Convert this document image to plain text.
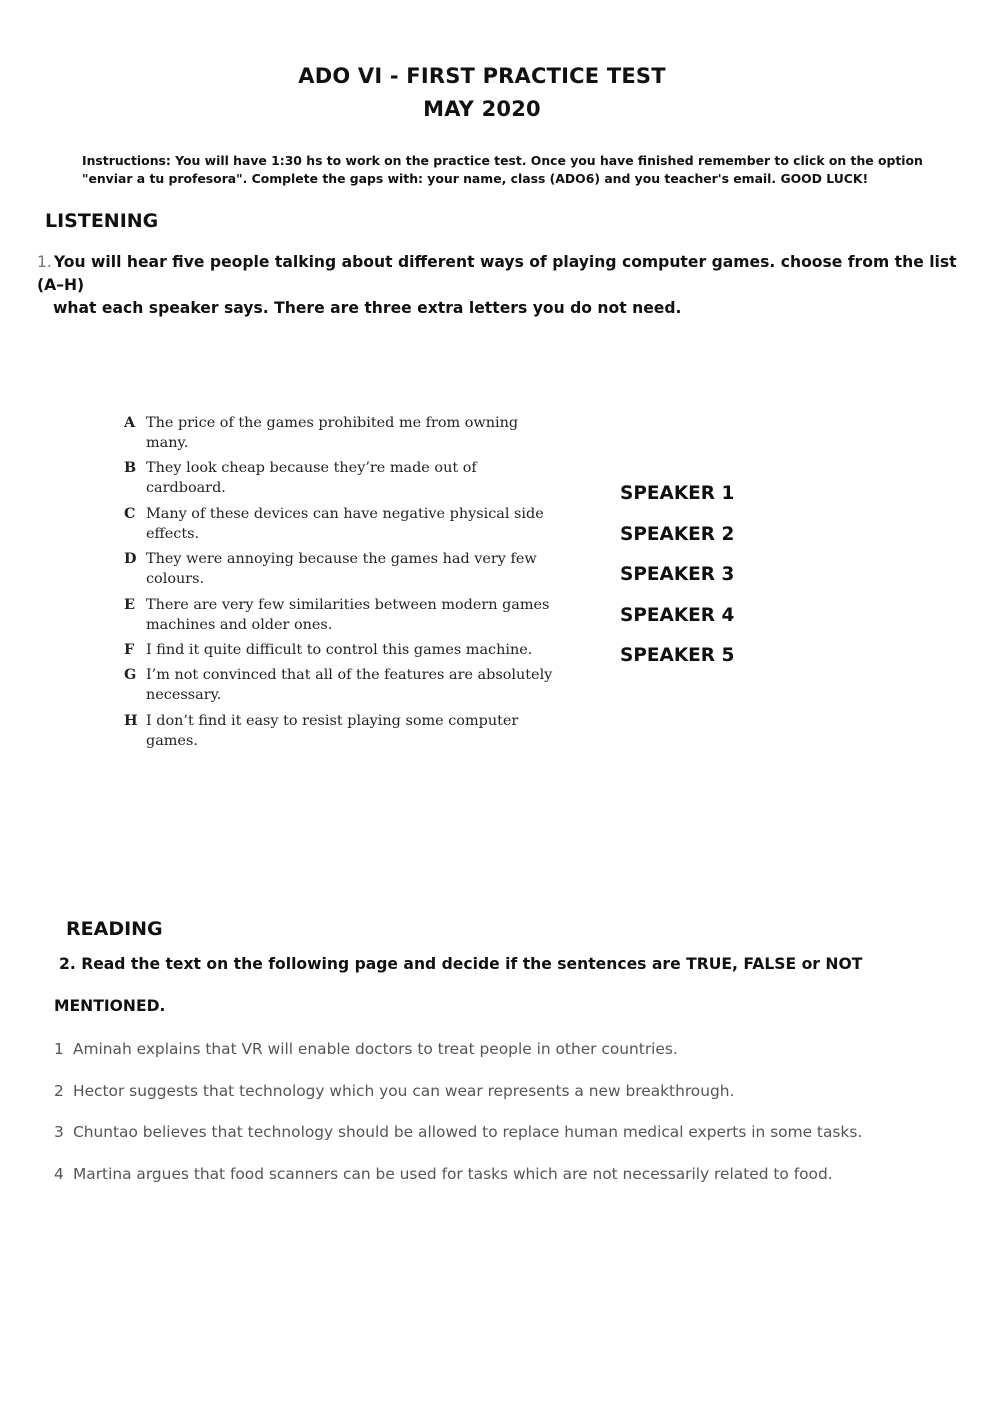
ADO VI - FIRST PRACTICE TEST
MAY 2020
Instructions: You will have 1:30 hs to work on the practice test. Once you have finished remember to click on the option "enviar a tu profesora". Complete the gaps with: your name, class (ADO6) and you teacher's email. GOOD LUCK!
LISTENING
1. You will hear five people talking about different ways of playing computer games. choose from the list (A–H)
what each speaker says. There are three extra letters you do not need.
A The price of the games prohibited me from owning many.
B They look cheap because they’re made out of cardboard.
C Many of these devices can have negative physical side effects.
D They were annoying because the games had very few colours.
E There are very few similarities between modern games machines and older ones.
F I find it quite difficult to control this games machine.
G I’m not convinced that all of the features are absolutely necessary.
H I don’t find it easy to resist playing some computer games.
SPEAKER 1
SPEAKER 2
SPEAKER 3
SPEAKER 4
SPEAKER 5
READING
2. Read the text on the following page and decide if the sentences are TRUE, FALSE or NOT
MENTIONED.
1 Aminah explains that VR will enable doctors to treat people in other countries.
2 Hector suggests that technology which you can wear represents a new breakthrough.
3 Chuntao believes that technology should be allowed to replace human medical experts in some tasks.
4 Martina argues that food scanners can be used for tasks which are not necessarily related to food.
